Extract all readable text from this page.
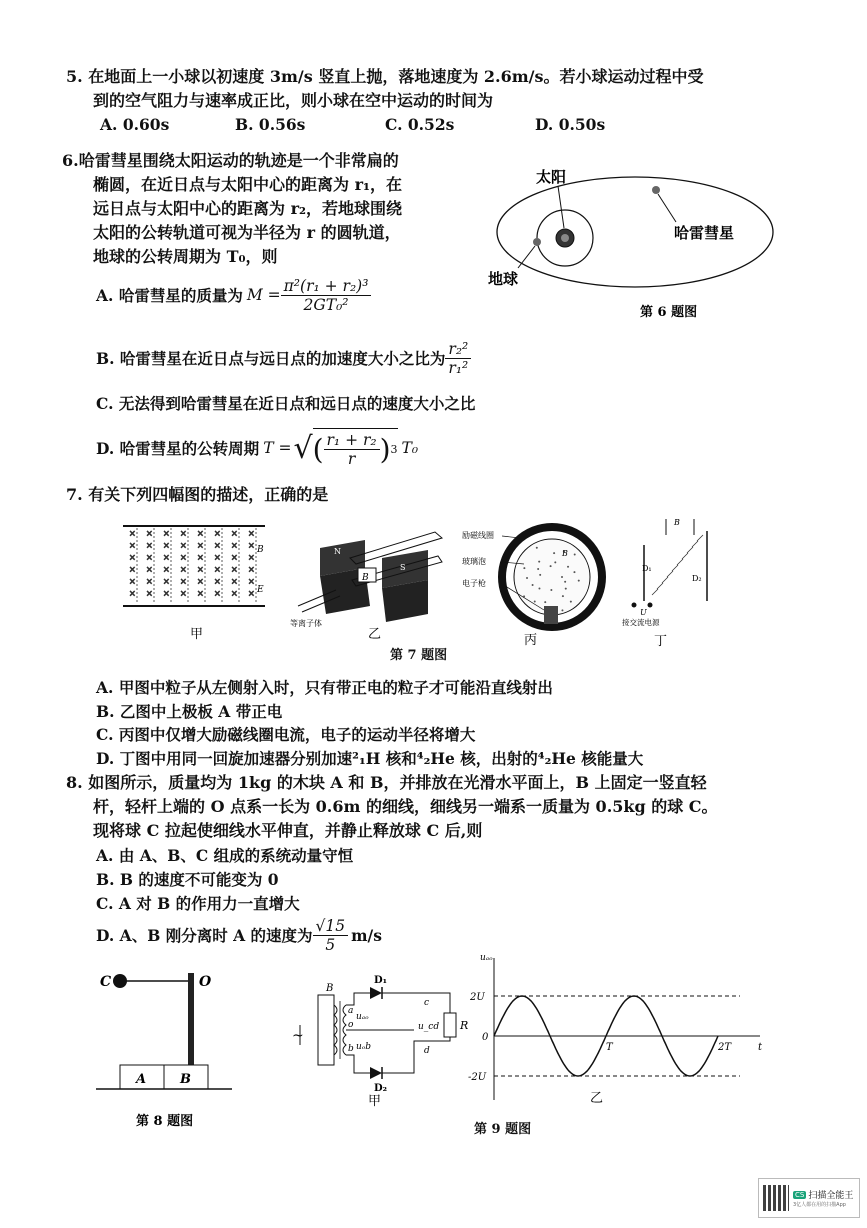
5. 在地面上一小球以初速度 3m/s 竖直上抛，落地速度为 2.6m/s。若小球运动过程中受
到的空气阻力与速率成正比，则小球在空中运动的时间为
A. 0.60s	B. 0.56s	C. 0.52s	D. 0.50s
6.哈雷彗星围绕太阳运动的轨迹是一个非常扁的
椭圆，在近日点与太阳中心的距离为 r₁，在
远日点与太阳中心的距离为 r₂，若地球围绕
太阳的公转轨道可视为半径为 r 的圆轨道，
地球的公转周期为 T₀，则
A. 哈雷彗星的质量为 $M = \frac{\text{π²(r₁ + r₂)³}}{\text{2GT₀²}}$
B. 哈雷彗星在近日点与远日点的加速度大小之比为 $\frac{\text{r₂²}}{\text{r₁²}}$
C. 无法得到哈雷彗星在近日点和远日点的速度大小之比
D. 哈雷彗星的公转周期 T = √ ( $\frac{\text{r₁ + r₂}}{r}$ ) 3 T₀
太阳
哈雷彗星
地球
第 6 题图
7. 有关下列四幅图的描述，正确的是
×
×
×
×
×
×
×
×
×
×
×
×
×
×
×
×
×
×
×
×
×
×
×
×
×
×
×
×
×
×
×
×
×
×
×
×
×
×
×
×
×
×
×
×
×
×
×
×
B
E
甲
B
N
S
等离子体
乙
励磁线圈
玻璃泡
电子枪
B
丙
B
D₁
D₂
U
接交流电源
丁
第 7 题图
A. 甲图中粒子从左侧射入时，只有带正电的粒子才可能沿直线射出
B. 乙图中上极板 A 带正电
C. 丙图中仅增大励磁线圈电流，电子的运动半径将增大
D. 丁图中用同一回旋加速器分别加速²₁H 核和⁴₂He 核，出射的⁴₂He 核能量大
8. 如图所示，质量均为 1kg 的木块 A 和 B，并排放在光滑水平面上，B 上固定一竖直轻
杆，轻杆上端的 O 点系一长为 0.6m 的细线，细线另一端系一质量为 0.5kg 的球 C。
现将球 C 拉起使细线水平伸直，并静止释放球 C 后,则
A. 由 A、B、C 组成的系统动量守恒
B. B 的速度不可能变为 0
C. A 对 B 的作用力一直增大
D. A、B 刚分离时 A 的速度为 $\frac{√15}{5} m/s$
C	O
A	B
第 8 题图
~
D₁
D₂
B
a
o
b
uₐₒ
uₒb
c
d
u_cd R
甲
uₐₒ
2U
0
-2U
T	2T	t
乙
第 9 题图
CS 扫描全能王
3亿人都在用的扫描App
